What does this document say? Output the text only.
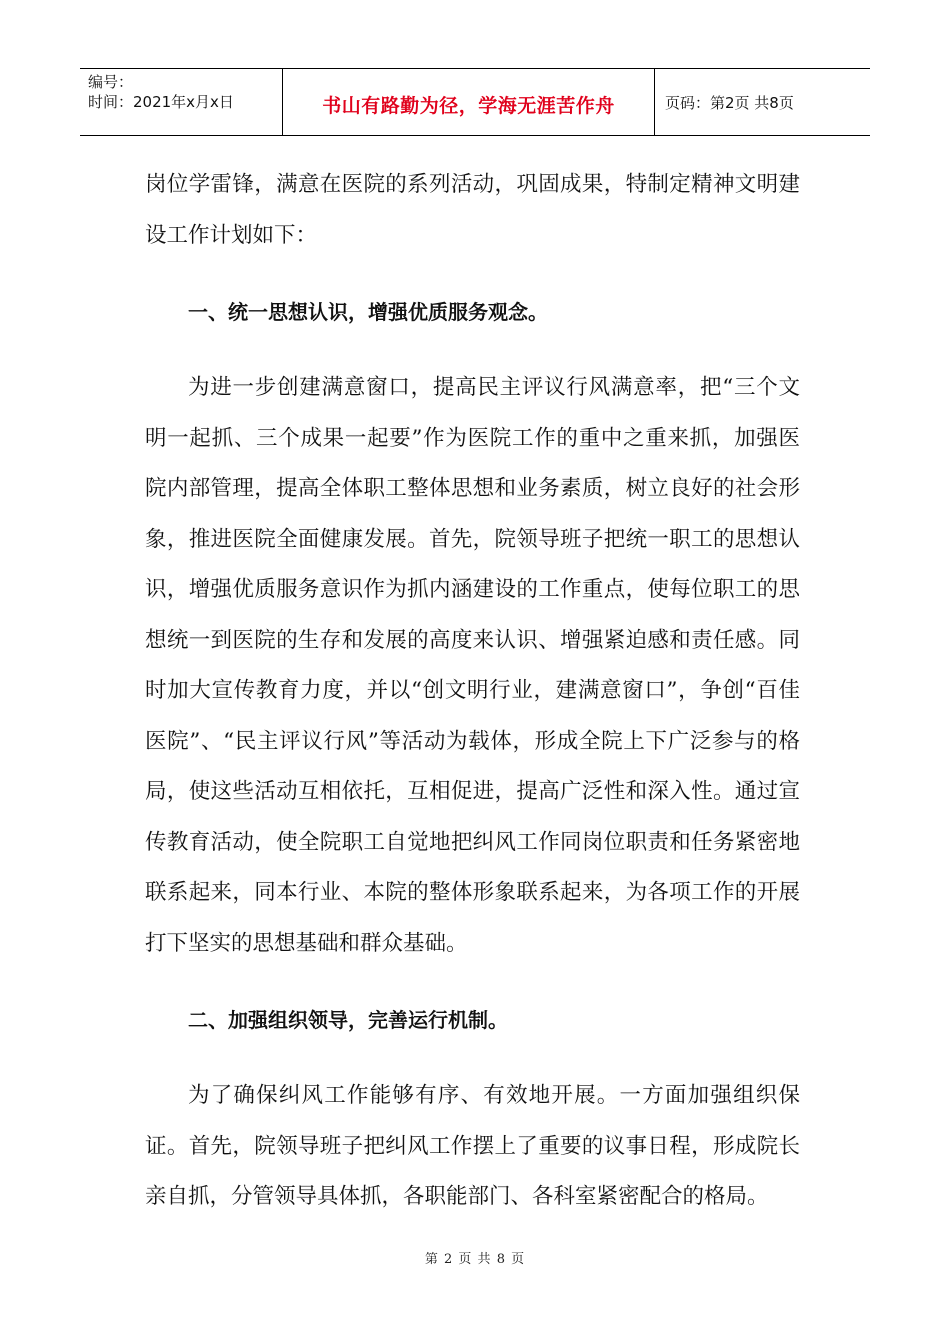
编号：
时间：2021年x月x日	书山有路勤为径，学海无涯苦作舟	页码：第2页 共8页

岗位学雷锋，满意在医院的系列活动，巩固成果，特制定精神文明建设工作计划如下：

一、统一思想认识，增强优质服务观念。

为进一步创建满意窗口，提高民主评议行风满意率，把“三个文明一起抓、三个成果一起要”作为医院工作的重中之重来抓，加强医院内部管理，提高全体职工整体思想和业务素质，树立良好的社会形象，推进医院全面健康发展。首先，院领导班子把统一职工的思想认识，增强优质服务意识作为抓内涵建设的工作重点，使每位职工的思想统一到医院的生存和发展的高度来认识、增强紧迫感和责任感。同时加大宣传教育力度，并以“创文明行业，建满意窗口”，争创“百佳医院”、“民主评议行风”等活动为载体，形成全院上下广泛参与的格局，使这些活动互相依托，互相促进，提高广泛性和深入性。通过宣传教育活动，使全院职工自觉地把纠风工作同岗位职责和任务紧密地联系起来，同本行业、本院的整体形象联系起来，为各项工作的开展打下坚实的思想基础和群众基础。

二、加强组织领导，完善运行机制。

为了确保纠风工作能够有序、有效地开展。一方面加强组织保证。首先，院领导班子把纠风工作摆上了重要的议事日程，形成院长亲自抓，分管领导具体抓，各职能部门、各科室紧密配合的格局。

第 2 页 共 8 页
